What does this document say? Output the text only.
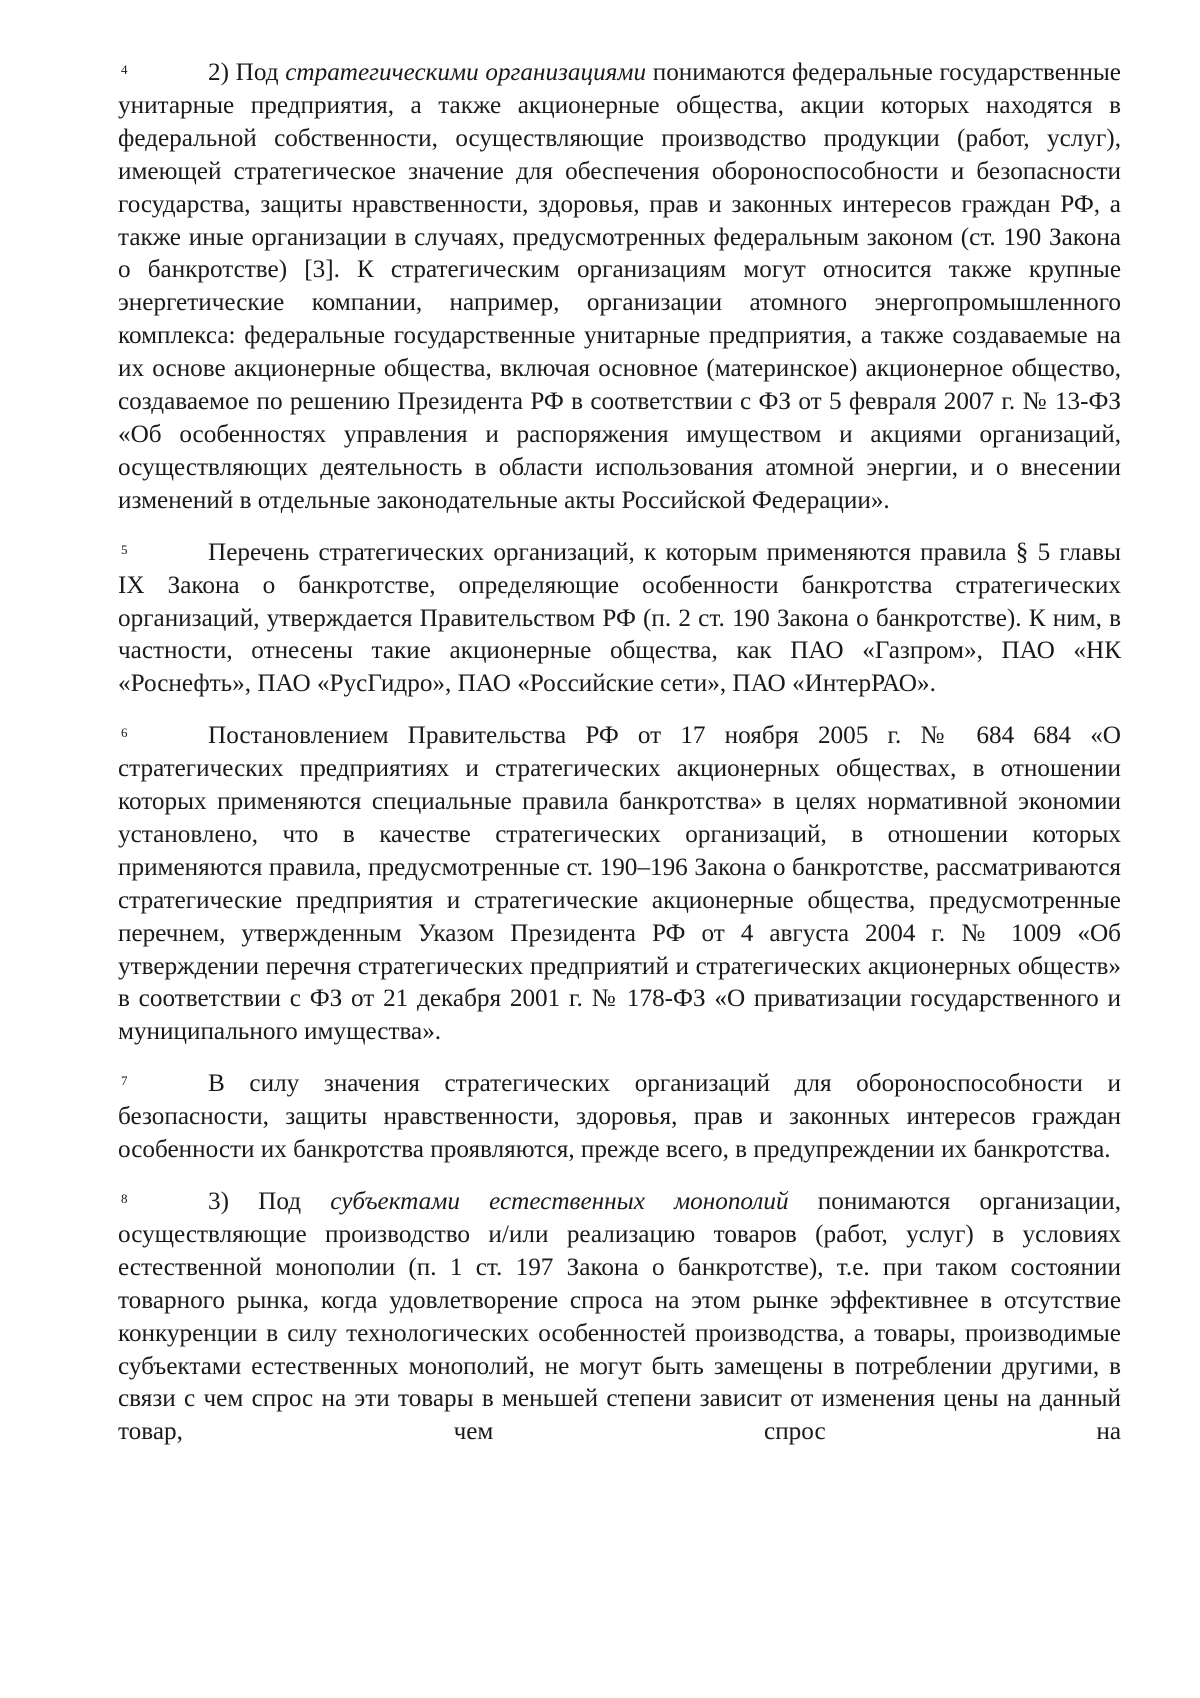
4	2) Под стратегическими организациями понимаются федеральные государственные унитарные предприятия, а также акционерные общества, акции которых находятся в федеральной собственности, осуществляющие производство продукции (работ, услуг), имеющей стратегическое значение для обеспечения обороноспособности и безопасности государства, защиты нравственности, здоровья, прав и законных интересов граждан РФ, а также иные организации в случаях, предусмотренных федеральным законом (ст. 190 Закона о банкротстве) [3]. К стратегическим организациям могут относится также крупные энергетические компании, например, организации атомного энергопромышленного комплекса: федеральные государственные унитарные предприятия, а также создаваемые на их основе акционерные общества, включая основное (материнское) акционерное общество, создаваемое по решению Президента РФ в соответствии с ФЗ от 5 февраля 2007 г. № 13-ФЗ «Об особенностях управления и распоряжения имуществом и акциями организаций, осуществляющих деятельность в области использования атомной энергии, и о внесении изменений в отдельные законодательные акты Российской Федерации».

5	Перечень стратегических организаций, к которым применяются правила § 5 главы IX Закона о банкротстве, определяющие особенности банкротства стратегических организаций, утверждается Правительством РФ (п. 2 ст. 190 Закона о банкротстве). К ним, в частности, отнесены такие акционерные общества, как ПАО «Газпром», ПАО «НК «Роснефть», ПАО «РусГидро», ПАО «Российские сети», ПАО «ИнтерРАО».

6	Постановлением Правительства РФ от 17 ноября 2005 г. № 684 684 «О стратегических предприятиях и стратегических акционерных обществах, в отношении которых применяются специальные правила банкротства» в целях нормативной экономии установлено, что в качестве стратегических организаций, в отношении которых применяются правила, предусмотренные ст. 190–196 Закона о банкротстве, рассматриваются стратегические предприятия и стратегические акционерные общества, предусмотренные перечнем, утвержденным Указом Президента РФ от 4 августа 2004 г. № 1009 «Об утверждении перечня стратегических предприятий и стратегических акционерных обществ» в соответствии с ФЗ от 21 декабря 2001 г. № 178-ФЗ «О приватизации государственного и муниципального имущества».

7	В силу значения стратегических организаций для обороноспособности и безопасности, защиты нравственности, здоровья, прав и законных интересов граждан особенности их банкротства проявляются, прежде всего, в предупреждении их банкротства.

8	3) Под субъектами естественных монополий понимаются организации, осуществляющие производство и/или реализацию товаров (работ, услуг) в условиях естественной монополии (п. 1 ст. 197 Закона о банкротстве), т.е. при таком состоянии товарного рынка, когда удовлетворение спроса на этом рынке эффективнее в отсутствие конкуренции в силу технологических особенностей производства, а товары, производимые субъектами естественных монополий, не могут быть замещены в потреблении другими, в связи с чем спрос на эти товары в меньшей степени зависит от изменения цены на данный товар, чем спрос на
